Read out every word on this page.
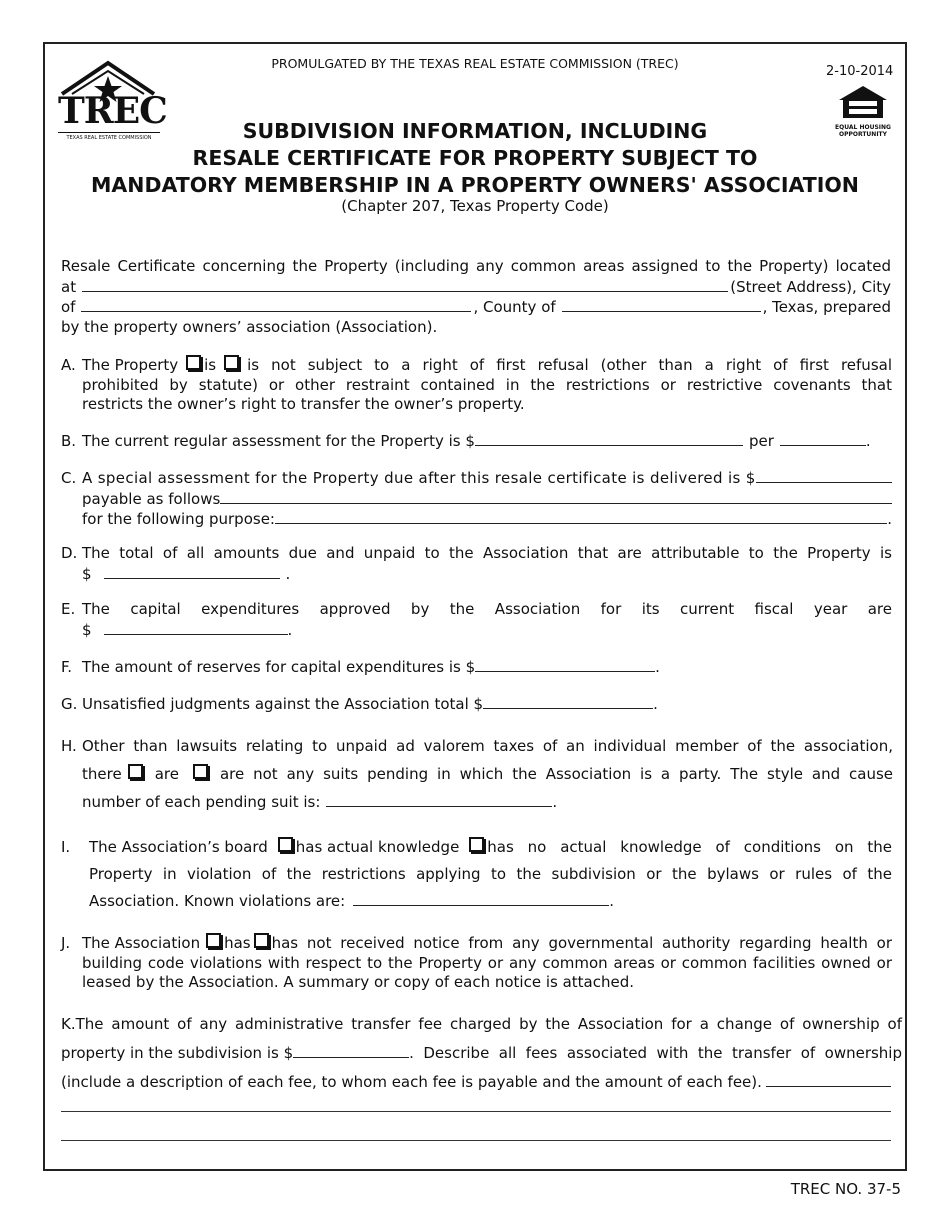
TREC
TEXAS REAL ESTATE COMMISSION
PROMULGATED BY THE TEXAS REAL ESTATE COMMISSION (TREC)
2-10-2014
EQUAL HOUSING
OPPORTUNITY
SUBDIVISION INFORMATION, INCLUDING
RESALE CERTIFICATE FOR PROPERTY SUBJECT TO
MANDATORY MEMBERSHIP IN A PROPERTY OWNERS' ASSOCIATION
(Chapter 207, Texas Property Code)
Resale Certificate concerning the Property (including any common areas assigned to the Property) located
at	(Street Address), City
of	, County of	, Texas, prepared
by the property owners’ association (Association).
A. The Property is is not subject to a right of first refusal (other than a right of first refusal
prohibited by statute) or other restraint contained in the restrictions or restrictive covenants that
restricts the owner’s right to transfer the owner’s property.
B. The current regular assessment for the Property is $	per	.
C. A special assessment for the Property due after this resale certificate is delivered is $
payable as follows
for the following purpose:	.
D. The total of all amounts due and unpaid to the Association that are attributable to the Property is
$	.
E. The capital expenditures approved by the Association for its current fiscal year are
$	.
F. The amount of reserves for capital expenditures is $	.
G. Unsatisfied judgments against the Association total $	.
H. Other than lawsuits relating to unpaid ad valorem taxes of an individual member of the association,
there are	are not any suits pending in which the Association is a party. The style and cause
number of each pending suit is:	.
I.	The Association’s board has actual knowledge has no actual knowledge of conditions on the
Property in violation of the restrictions applying to the subdivision or the bylaws or rules of the
Association. Known violations are:	.
J. The Association has has not received notice from any governmental authority regarding health or
building code violations with respect to the Property or any common areas or common facilities owned or
leased by the Association. A summary or copy of each notice is attached.
K.The amount of any administrative transfer fee charged by the Association for a change of ownership of
property in the subdivision is $	. Describe all fees associated with the transfer of ownership
(include a description of each fee, to whom each fee is payable and the amount of each fee).
TREC NO. 37-5
